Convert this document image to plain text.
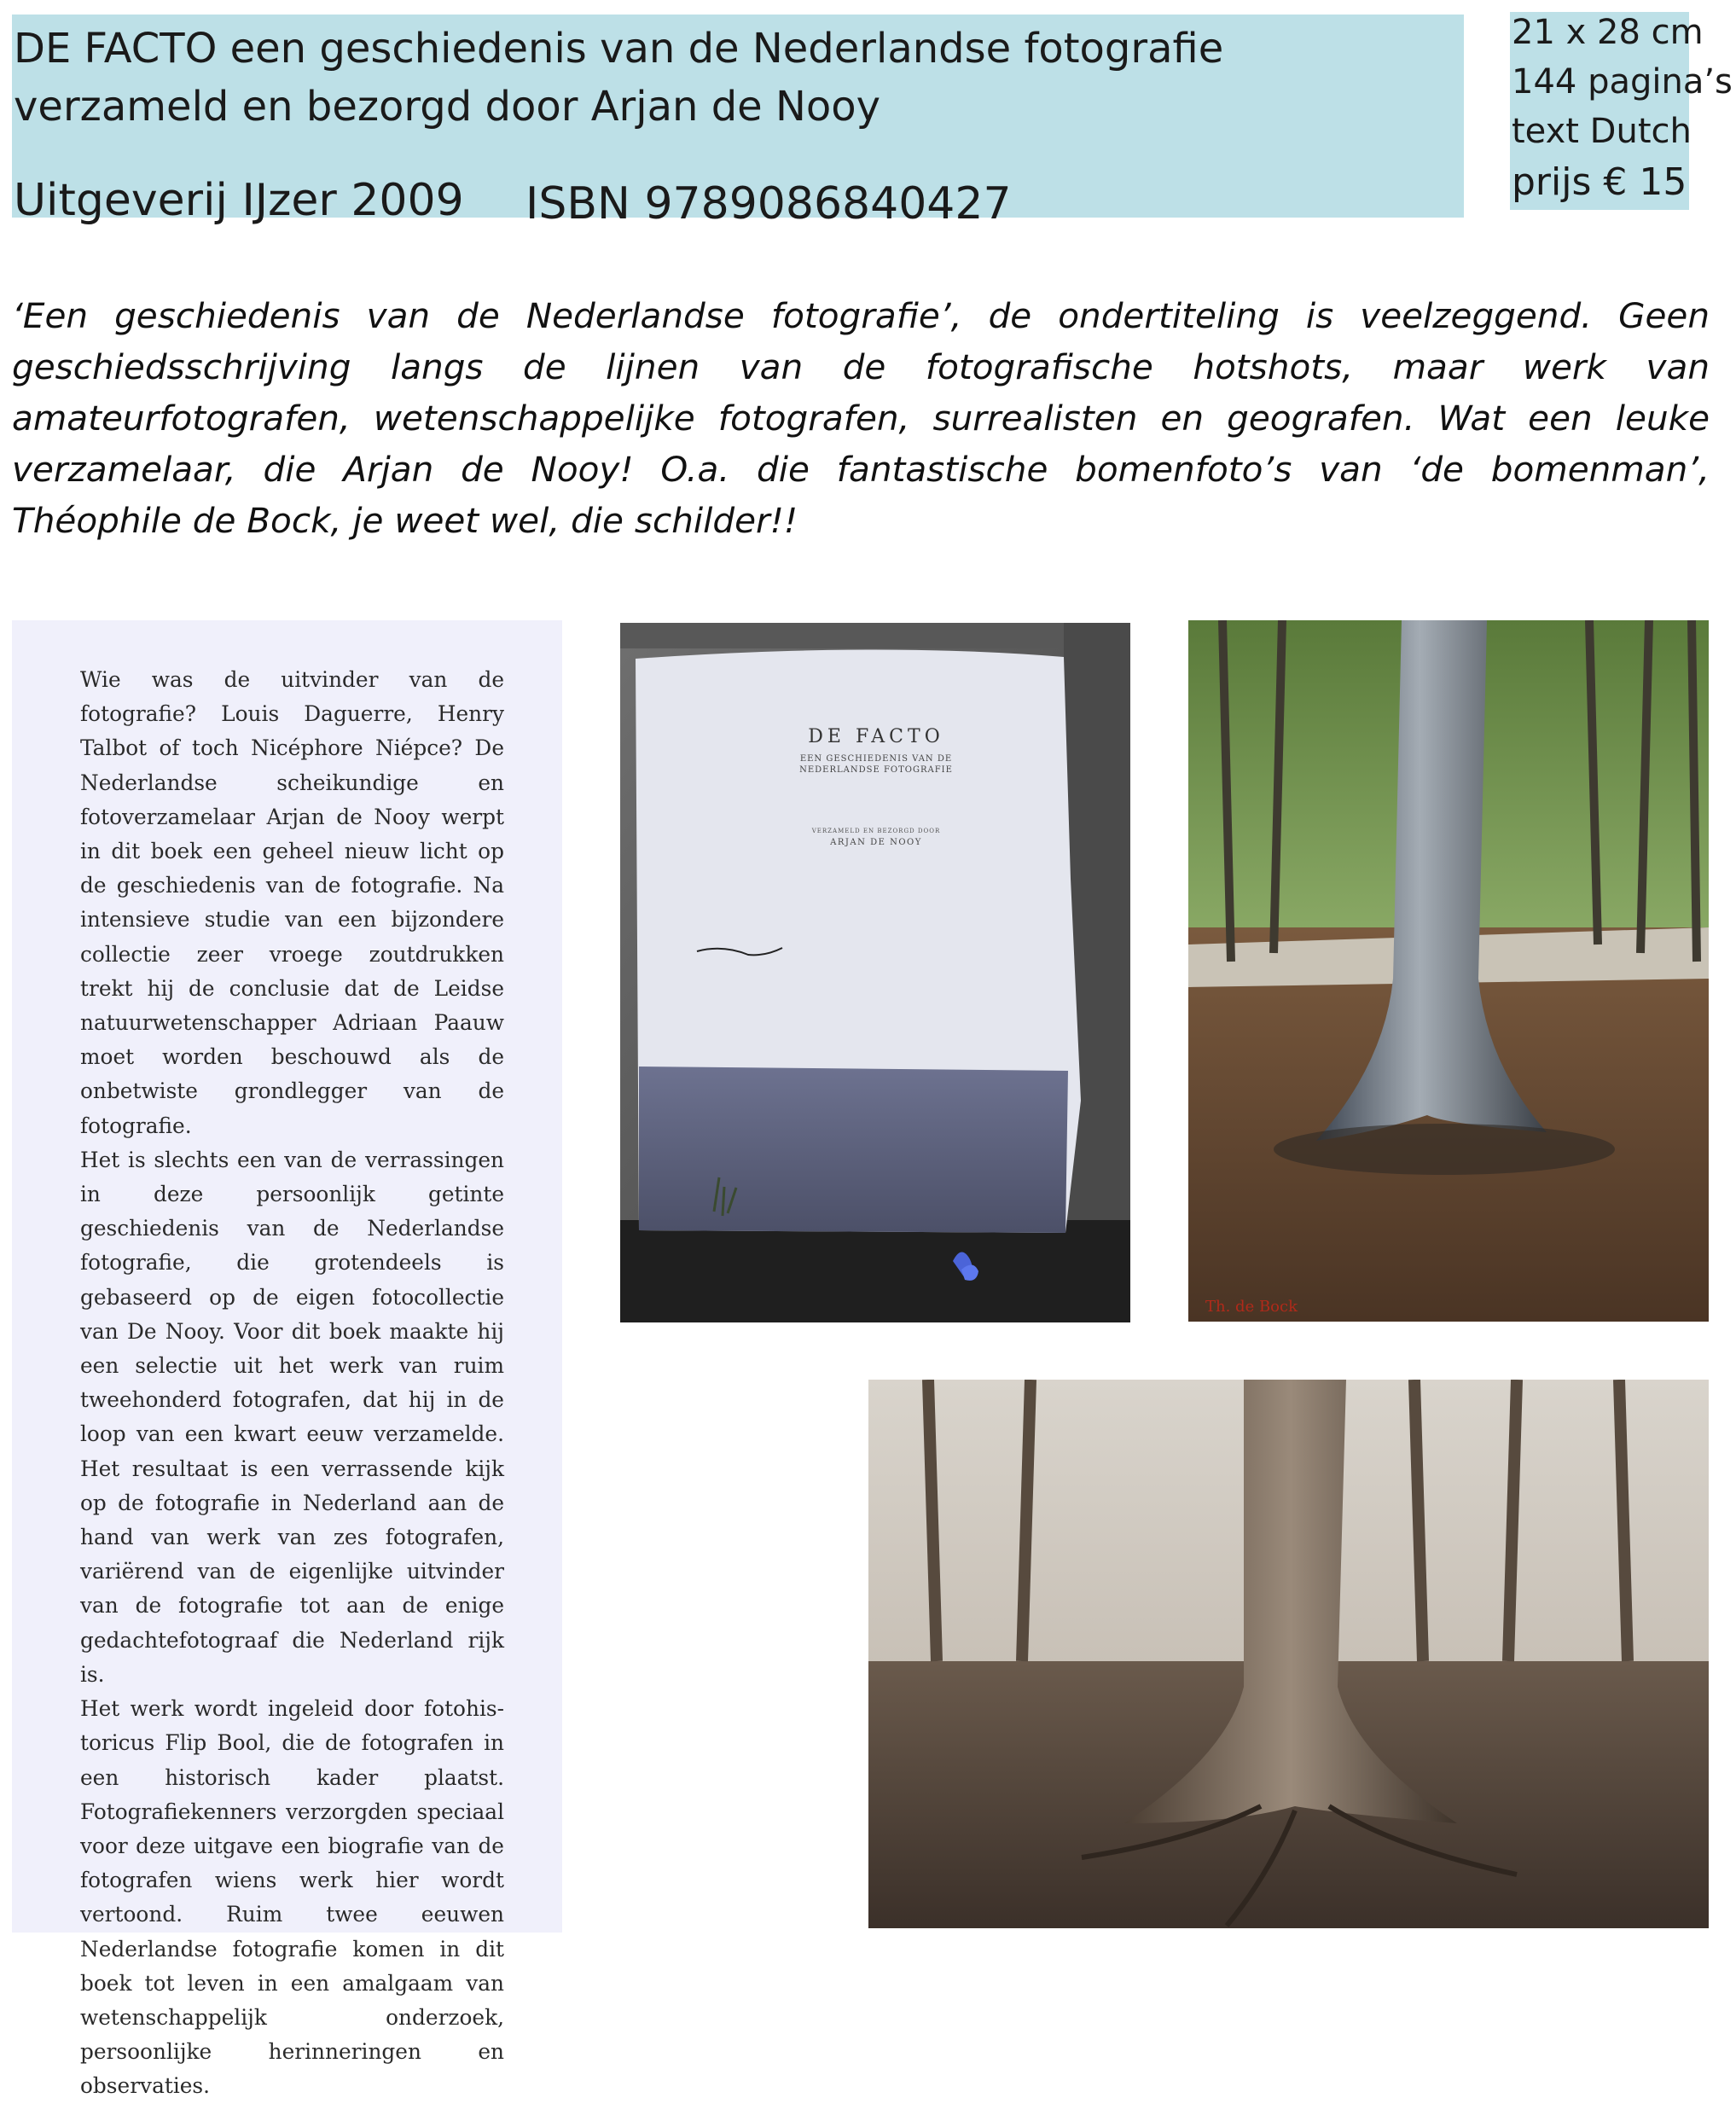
DE FACTO een geschiedenis van de Nederlandse fotografie
verzameld en bezorgd door Arjan de Nooy
Uitgeverij IJzer 2009 ISBN 9789086840427
21 x 28 cm
144 pagina’s
text Dutch
prijs € 15
‘Een geschiedenis van de Nederlandse fotografie’, de ondertiteling is veelzeggend. Geen geschiedsschrijving langs de lijnen van de fotografische hotshots, maar werk van amateurfotografen, wetenschappelijke fotografen, surrealisten en geografen. Wat een leuke verzamelaar, die Arjan de Nooy! O.a. die fantastische bomenfoto’s van ‘de bomenman’, Théophile de Bock, je weet wel, die schilder!!

Wie was de uitvinder van de fotografie? Louis Daguerre, Henry Talbot of toch Nicéphore Niépce? De Nederlandse scheikundige en fotoverzamelaar Arjan de Nooy werpt in dit boek een geheel nieuw licht op de geschiedenis van de fotografie. Na intensieve studie van een bijzondere collectie zeer vroege zoutdrukken trekt hij de conclusie dat de Leidse natuurwetenschapper Adriaan Paauw moet worden beschouwd als de onbetwiste grondlegger van de fotografie.

Het is slechts een van de verrassingen in deze persoonlijk getinte geschiedenis van de Nederlandse fotografie, die grotendeels is gebaseerd op de eigen fotocollectie van De Nooy. Voor dit boek maakte hij een selectie uit het werk van ruim tweehonderd fotografen, dat hij in de loop van een kwart eeuw verzamelde. Het resultaat is een verrassende kijk op de fotografie in Nederland aan de hand van werk van zes fotografen, variërend van de eigenlijke uitvinder van de fotografie tot aan de enige gedachtefotograaf die Nederland rijk is.

Het werk wordt ingeleid door fotohistoricus Flip Bool, die de fotografen in een historisch kader plaatst. Fotografiekenners verzorgden speciaal voor deze uitgave een biografie van de fotografen wiens werk hier wordt vertoond. Ruim twee eeuwen Nederlandse fotografie komen in dit boek tot leven in een amalgaam van wetenschappelijk onderzoek, persoonlijke herinneringen en observaties.

DE FACTO
EEN GESCHIEDENIS VAN DE
NEDERLANDSE FOTOGRAFIE
VERZAMELD EN BEZORGD DOOR
ARJAN DE NOOY
Th. de Bock
